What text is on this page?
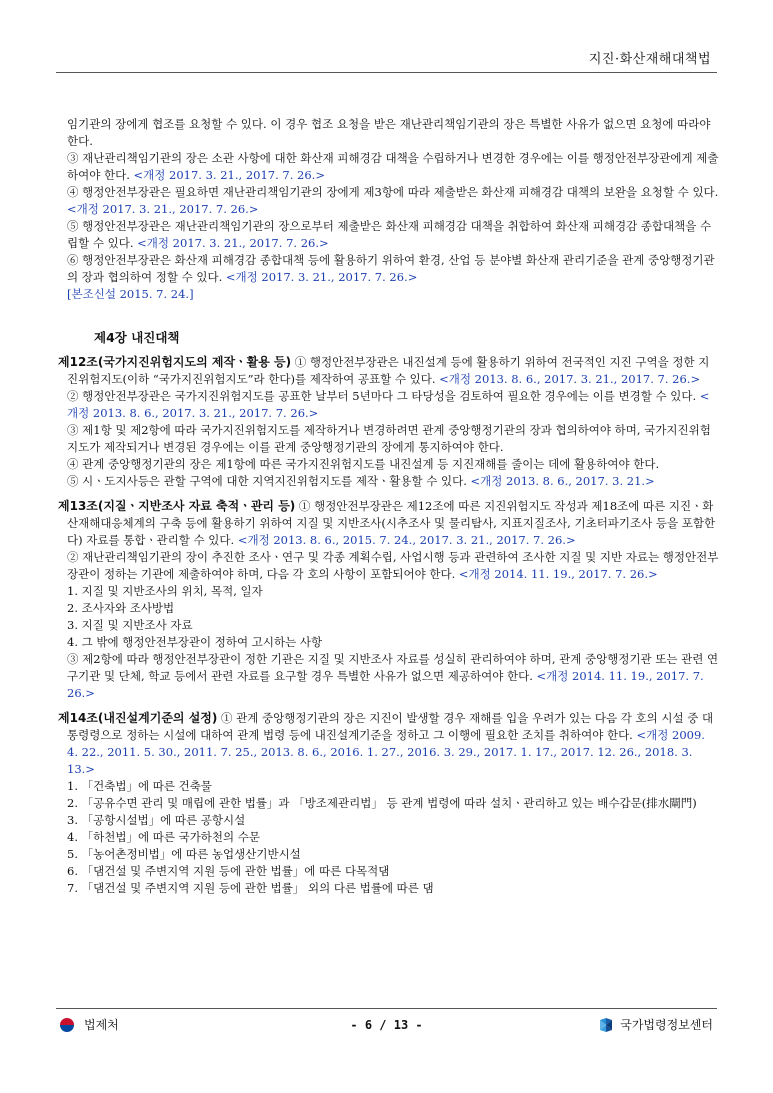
지진·화산재해대책법

임기관의 장에게 협조를 요청할 수 있다. 이 경우 협조 요청을 받은 재난관리책임기관의 장은 특별한 사유가 없으면 요청에 따라야 한다.

③ 재난관리책임기관의 장은 소관 사항에 대한 화산재 피해경감 대책을 수립하거나 변경한 경우에는 이를 행정안전부장관에게 제출하여야 한다. <개정 2017. 3. 21., 2017. 7. 26.>

④ 행정안전부장관은 필요하면 재난관리책임기관의 장에게 제3항에 따라 제출받은 화산재 피해경감 대책의 보완을 요청할 수 있다. <개정 2017. 3. 21., 2017. 7. 26.>

⑤ 행정안전부장관은 재난관리책임기관의 장으로부터 제출받은 화산재 피해경감 대책을 취합하여 화산재 피해경감 종합대책을 수립할 수 있다. <개정 2017. 3. 21., 2017. 7. 26.>

⑥ 행정안전부장관은 화산재 피해경감 종합대책 등에 활용하기 위하여 환경, 산업 등 분야별 화산재 관리기준을 관계 중앙행정기관의 장과 협의하여 정할 수 있다. <개정 2017. 3. 21., 2017. 7. 26.>

[본조신설 2015. 7. 24.]

제4장 내진대책

제12조(국가지진위험지도의 제작ㆍ활용 등) ① 행정안전부장관은 내진설계 등에 활용하기 위하여 전국적인 지진 구역을 정한 지진위험지도(이하 “국가지진위험지도”라 한다)를 제작하여 공표할 수 있다. <개정 2013. 8. 6., 2017. 3. 21., 2017. 7. 26.>

② 행정안전부장관은 국가지진위험지도를 공표한 날부터 5년마다 그 타당성을 검토하여 필요한 경우에는 이를 변경할 수 있다. <개정 2013. 8. 6., 2017. 3. 21., 2017. 7. 26.>

③ 제1항 및 제2항에 따라 국가지진위험지도를 제작하거나 변경하려면 관계 중앙행정기관의 장과 협의하여야 하며, 국가지진위험지도가 제작되거나 변경된 경우에는 이를 관계 중앙행정기관의 장에게 통지하여야 한다.

④ 관계 중앙행정기관의 장은 제1항에 따른 국가지진위험지도를 내진설계 등 지진재해를 줄이는 데에 활용하여야 한다.

⑤ 시ㆍ도지사등은 관할 구역에 대한 지역지진위험지도를 제작ㆍ활용할 수 있다. <개정 2013. 8. 6., 2017. 3. 21.>

제13조(지질ㆍ지반조사 자료 축적ㆍ관리 등) ① 행정안전부장관은 제12조에 따른 지진위험지도 작성과 제18조에 따른 지진ㆍ화산재해대응체계의 구축 등에 활용하기 위하여 지질 및 지반조사(시추조사 및 물리탐사, 지표지질조사, 기초터파기조사 등을 포함한다) 자료를 통합ㆍ관리할 수 있다. <개정 2013. 8. 6., 2015. 7. 24., 2017. 3. 21., 2017. 7. 26.>

② 재난관리책임기관의 장이 추진한 조사ㆍ연구 및 각종 계획수립, 사업시행 등과 관련하여 조사한 지질 및 지반 자료는 행정안전부장관이 정하는 기관에 제출하여야 하며, 다음 각 호의 사항이 포함되어야 한다. <개정 2014. 11. 19., 2017. 7. 26.>

1. 지질 및 지반조사의 위치, 목적, 일자

2. 조사자와 조사방법

3. 지질 및 지반조사 자료

4. 그 밖에 행정안전부장관이 정하여 고시하는 사항

③ 제2항에 따라 행정안전부장관이 정한 기관은 지질 및 지반조사 자료를 성실히 관리하여야 하며, 관계 중앙행정기관 또는 관련 연구기관 및 단체, 학교 등에서 관련 자료를 요구할 경우 특별한 사유가 없으면 제공하여야 한다. <개정 2014. 11. 19., 2017. 7. 26.>

제14조(내진설계기준의 설정) ① 관계 중앙행정기관의 장은 지진이 발생할 경우 재해를 입을 우려가 있는 다음 각 호의 시설 중 대통령령으로 정하는 시설에 대하여 관계 법령 등에 내진설계기준을 정하고 그 이행에 필요한 조치를 취하여야 한다. <개정 2009. 4. 22., 2011. 5. 30., 2011. 7. 25., 2013. 8. 6., 2016. 1. 27., 2016. 3. 29., 2017. 1. 17., 2017. 12. 26., 2018. 3. 13.>

1. 「건축법」에 따른 건축물

2. 「공유수면 관리 및 매립에 관한 법률」과 「방조제관리법」 등 관계 법령에 따라 설치ㆍ관리하고 있는 배수갑문(排水閘門)

3. 「공항시설법」에 따른 공항시설

4. 「하천법」에 따른 국가하천의 수문

5. 「농어촌정비법」에 따른 농업생산기반시설

6. 「댐건설 및 주변지역 지원 등에 관한 법률」에 따른 다목적댐

7. 「댐건설 및 주변지역 지원 등에 관한 법률」 외의 다른 법률에 따른 댐

법제처	- 6 / 13 -	국가법령정보센터
